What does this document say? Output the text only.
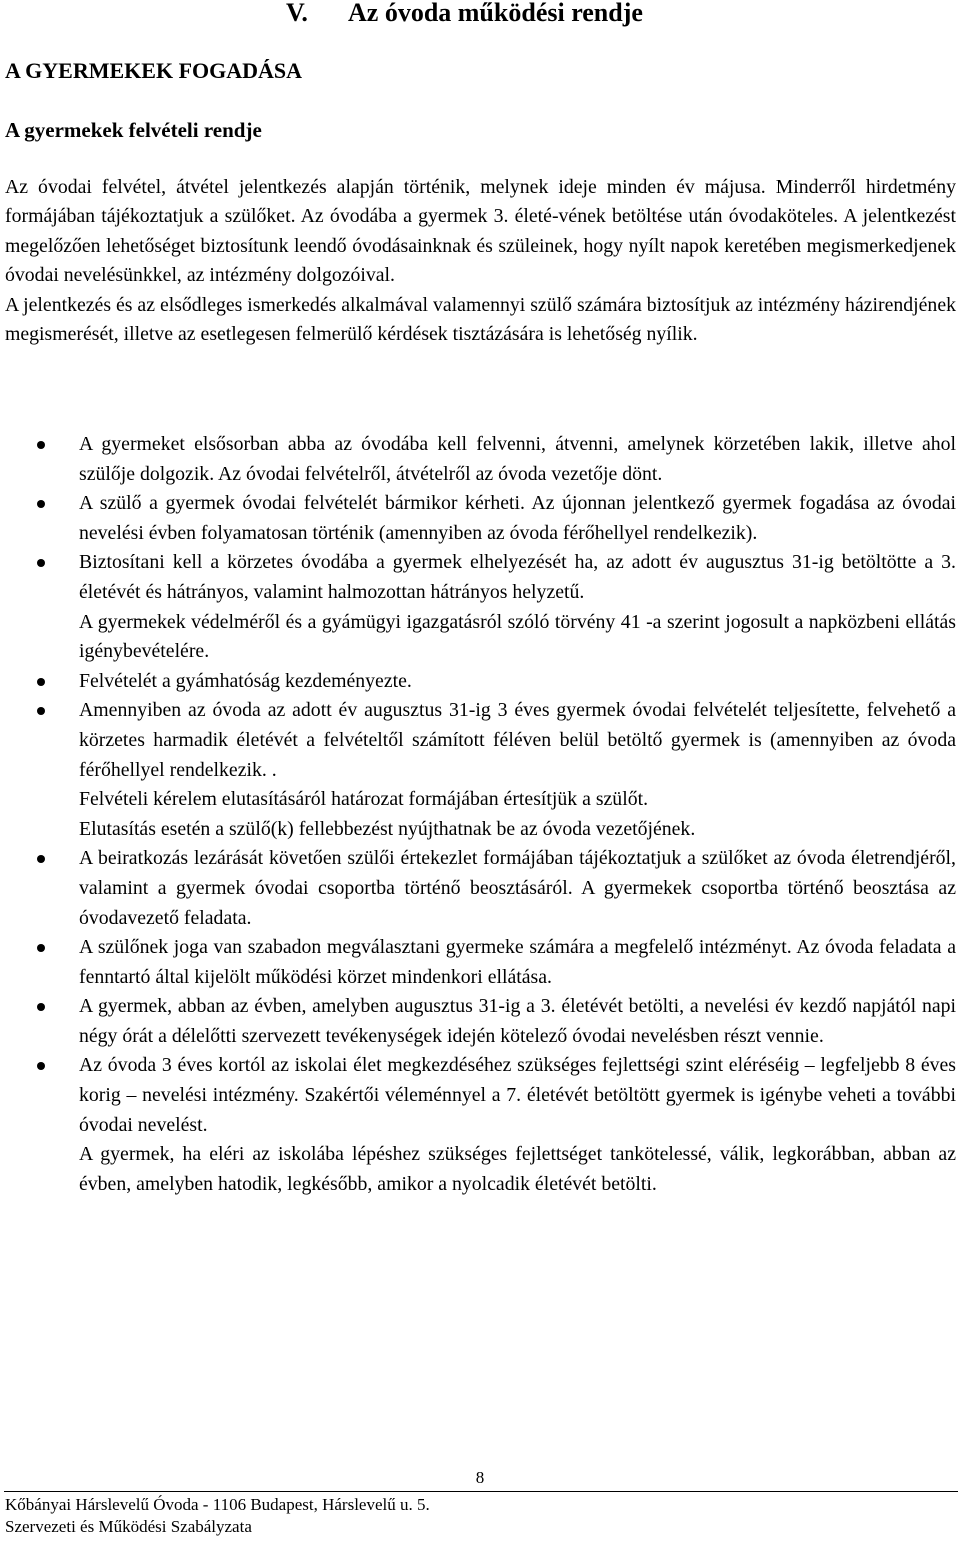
V. Az óvoda működési rendje
A GYERMEKEK FOGADÁSA
A gyermekek felvételi rendje

Az óvodai felvétel, átvétel jelentkezés alapján történik, melynek ideje minden év májusa. Minderről hirdetmény formájában tájékoztatjuk a szülőket. Az óvodába a gyermek 3. életé-vének betöltése után óvodaköteles. A jelentkezést megelőzően lehetőséget biztosítunk leendő óvodásainknak és szüleinek, hogy nyílt napok keretében megismerkedjenek óvodai nevelésünkkel, az intézmény dolgozóival.

A jelentkezés és az elsődleges ismerkedés alkalmával valamennyi szülő számára biztosítjuk az intézmény házirendjének megismerését, illetve az esetlegesen felmerülő kérdések tisztázására is lehetőség nyílik.

A gyermeket elsősorban abba az óvodába kell felvenni, átvenni, amelynek körzetében lakik, illetve ahol szülője dolgozik. Az óvodai felvételről, átvételről az óvoda vezetője dönt.

A szülő a gyermek óvodai felvételét bármikor kérheti. Az újonnan jelentkező gyermek fogadása az óvodai nevelési évben folyamatosan történik (amennyiben az óvoda férőhellyel rendelkezik).

Biztosítani kell a körzetes óvodába a gyermek elhelyezését ha, az adott év augusztus 31-ig betöltötte a 3. életévét és hátrányos, valamint halmozottan hátrányos helyzetű.

A gyermekek védelméről és a gyámügyi igazgatásról szóló törvény 41 -a szerint jogosult a napközbeni ellátás igénybevételére.

Felvételét a gyámhatóság kezdeményezte.

Amennyiben az óvoda az adott év augusztus 31-ig 3 éves gyermek óvodai felvételét teljesítette, felvehető a körzetes harmadik életévét a felvételtől számított féléven belül betöltő gyermek is (amennyiben az óvoda férőhellyel rendelkezik. .

Felvételi kérelem elutasításáról határozat formájában értesítjük a szülőt.

Elutasítás esetén a szülő(k) fellebbezést nyújthatnak be az óvoda vezetőjének.

A beiratkozás lezárását követően szülői értekezlet formájában tájékoztatjuk a szülőket az óvoda életrendjéről, valamint a gyermek óvodai csoportba történő beosztásáról. A gyermekek csoportba történő beosztása az óvodavezető feladata.

A szülőnek joga van szabadon megválasztani gyermeke számára a megfelelő intézményt. Az óvoda feladata a fenntartó által kijelölt működési körzet mindenkori ellátása.

A gyermek, abban az évben, amelyben augusztus 31-ig a 3. életévét betölti, a nevelési év kezdő napjától napi négy órát a délelőtti szervezett tevékenységek idején kötelező óvodai nevelésben részt vennie.

Az óvoda 3 éves kortól az iskolai élet megkezdéséhez szükséges fejlettségi szint eléréséig – legfeljebb 8 éves korig – nevelési intézmény. Szakértői véleménnyel a 7. életévét betöltött gyermek is igénybe veheti a további óvodai nevelést.

A gyermek, ha eléri az iskolába lépéshez szükséges fejlettséget tankötelessé, válik, legkorábban, abban az évben, amelyben hatodik, legkésőbb, amikor a nyolcadik életévét betölti.

8
Kőbányai Hárslevelű Óvoda - 1106 Budapest, Hárslevelű u. 5.
Szervezeti és Működési Szabályzata
